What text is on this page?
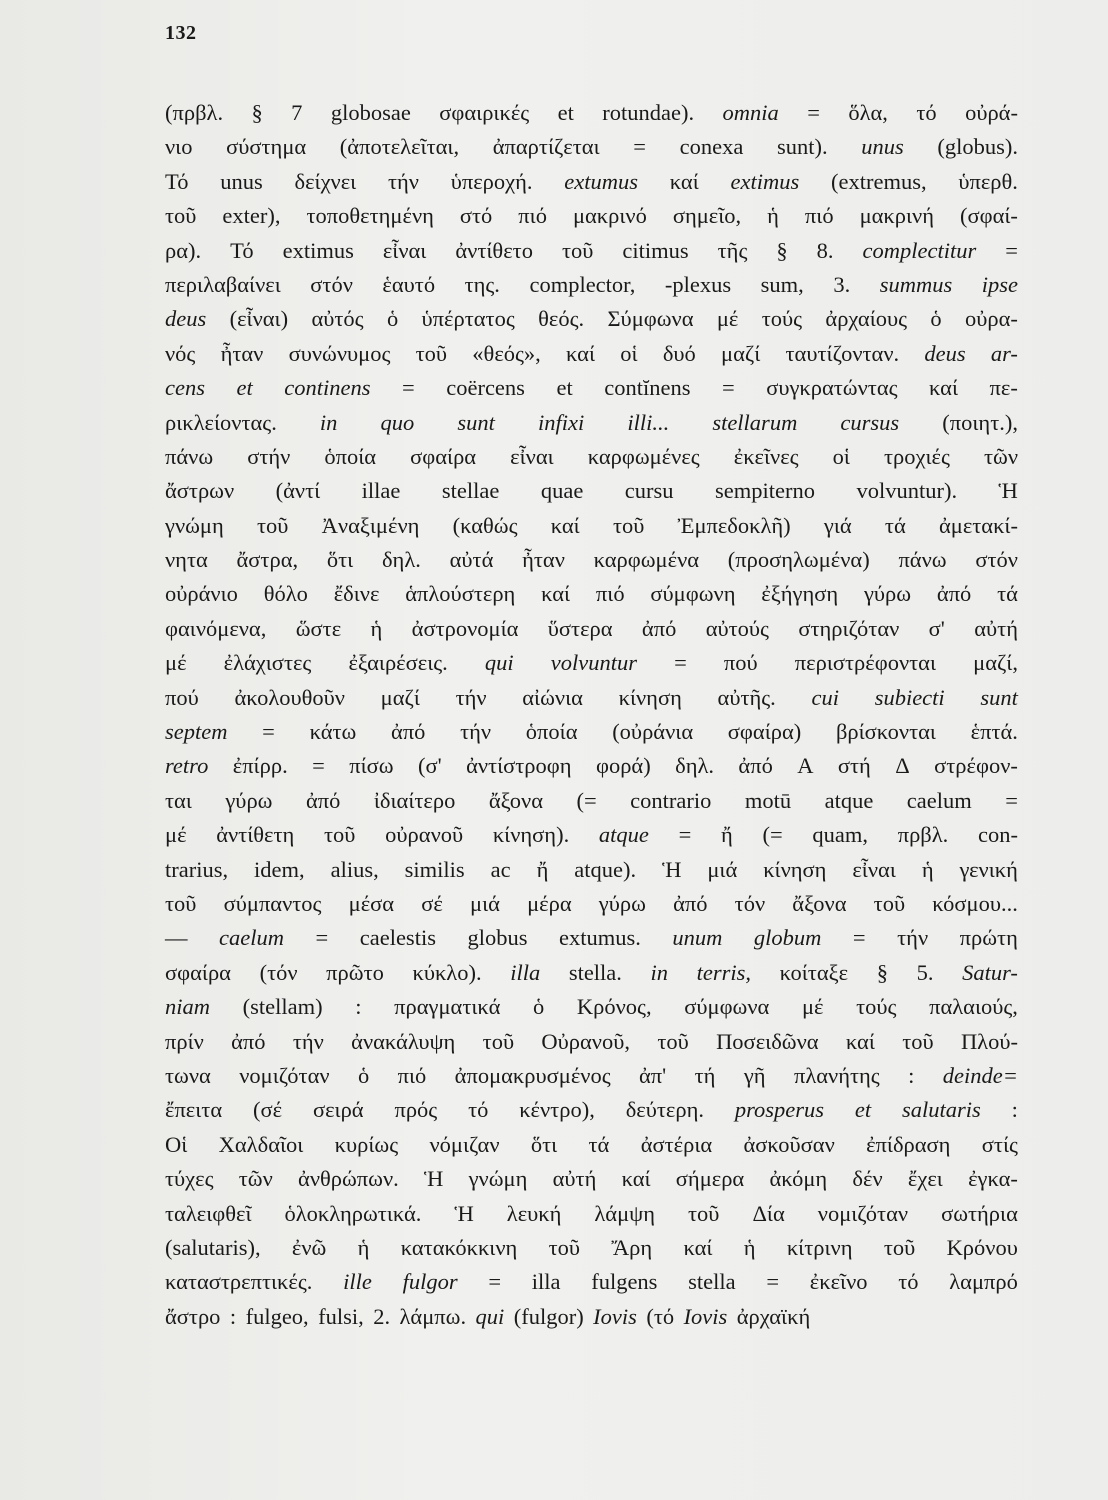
132
(πρβλ. § 7 globosae σφαιρικές et rotundae). omnia = ὅλα, τό οὐρά-
νιο σύστημα (ἀποτελεῖται, ἀπαρτίζεται = conexa sunt). unus (globus).
Τό unus δείχνει τήν ὑπεροχή. extumus καί extimus (extremus, ὑπερθ.
τοῦ exter), τοποθετημένη στό πιό μακρινό σημεῖο, ἡ πιό μακρινή (σφαί-
ρα). Τό extimus εἶναι ἀντίθετο τοῦ citimus τῆς § 8. complectitur =
περιλαβαίνει στόν ἑαυτό της. complector, -plexus sum, 3. summus ipse
deus (εἶναι) αὐτός ὁ ὑπέρτατος θεός. Σύμφωνα μέ τούς ἀρχαίους ὁ οὐρα-
νός ἦταν συνώνυμος τοῦ «θεός», καί οἱ δυό μαζί ταυτίζονταν. deus ar-
cens et continens = coërcens et contĭnens = συγκρατώντας καί πε-
ρικλείοντας. in quo sunt infixi illi... stellarum cursus (ποιητ.),
πάνω στήν ὁποία σφαίρα εἶναι καρφωμένες ἐκεῖνες οἱ τροχιές τῶν
ἄστρων (ἀντί illae stellae quae cursu sempiterno volvuntur). Ἡ
γνώμη τοῦ Ἀναξιμένη (καθώς καί τοῦ Ἐμπεδοκλῆ) γιά τά ἀμετακί-
νητα ἄστρα, ὅτι δηλ. αὐτά ἦταν καρφωμένα (προσηλωμένα) πάνω στόν
οὐράνιο θόλο ἔδινε ἁπλούστερη καί πιό σύμφωνη ἐξήγηση γύρω ἀπό τά
φαινόμενα, ὥστε ἡ ἀστρονομία ὕστερα ἀπό αὐτούς στηριζόταν σ' αὐτή
μέ ἐλάχιστες ἐξαιρέσεις. qui volvuntur = πού περιστρέφονται μαζί,
πού ἀκολουθοῦν μαζί τήν αἰώνια κίνηση αὐτῆς. cui subiecti sunt
septem = κάτω ἀπό τήν ὁποία (οὐράνια σφαίρα) βρίσκονται ἑπτά.
retro ἐπίρρ. = πίσω (σ' ἀντίστροφη φορά) δηλ. ἀπό Α στή Δ στρέφον-
ται γύρω ἀπό ἰδιαίτερο ἄξονα (= contrario motū atque caelum =
μέ ἀντίθετη τοῦ οὐρανοῦ κίνηση). atque = ἤ (= quam, πρβλ. con-
trarius, idem, alius, similis ac ἤ atque). Ἡ μιά κίνηση εἶναι ἡ γενική
τοῦ σύμπαντος μέσα σέ μιά μέρα γύρω ἀπό τόν ἄξονα τοῦ κόσμου...
— caelum = caelestis globus extumus. unum globum = τήν πρώτη
σφαίρα (τόν πρῶτο κύκλο). illa stella. in terris, κοίταξε § 5. Satur-
niam (stellam) : πραγματικά ὁ Κρόνος, σύμφωνα μέ τούς παλαιούς,
πρίν ἀπό τήν ἀνακάλυψη τοῦ Οὐρανοῦ, τοῦ Ποσειδῶνα καί τοῦ Πλού-
τωνα νομιζόταν ὁ πιό ἀπομακρυσμένος ἀπ' τή γῆ πλανήτης : deinde=
ἔπειτα (σέ σειρά πρός τό κέντρο), δεύτερη. prosperus et salutaris :
Οἱ Χαλδαῖοι κυρίως νόμιζαν ὅτι τά ἀστέρια ἀσκοῦσαν ἐπίδραση στίς
τύχες τῶν ἀνθρώπων. Ἡ γνώμη αὐτή καί σήμερα ἀκόμη δέν ἔχει ἐγκα-
ταλειφθεῖ ὁλοκληρωτικά. Ἡ λευκή λάμψη τοῦ Δία νομιζόταν σωτήρια
(salutaris), ἐνῶ ἡ κατακόκκινη τοῦ Ἄρη καί ἡ κίτρινη τοῦ Κρόνου
καταστρεπτικές. ille fulgor = illa fulgens stella = ἐκεῖνο τό λαμπρό
ἄστρο : fulgeo, fulsi, 2. λάμπω. qui (fulgor) Iovis (τό Iovis ἀρχαϊκή
